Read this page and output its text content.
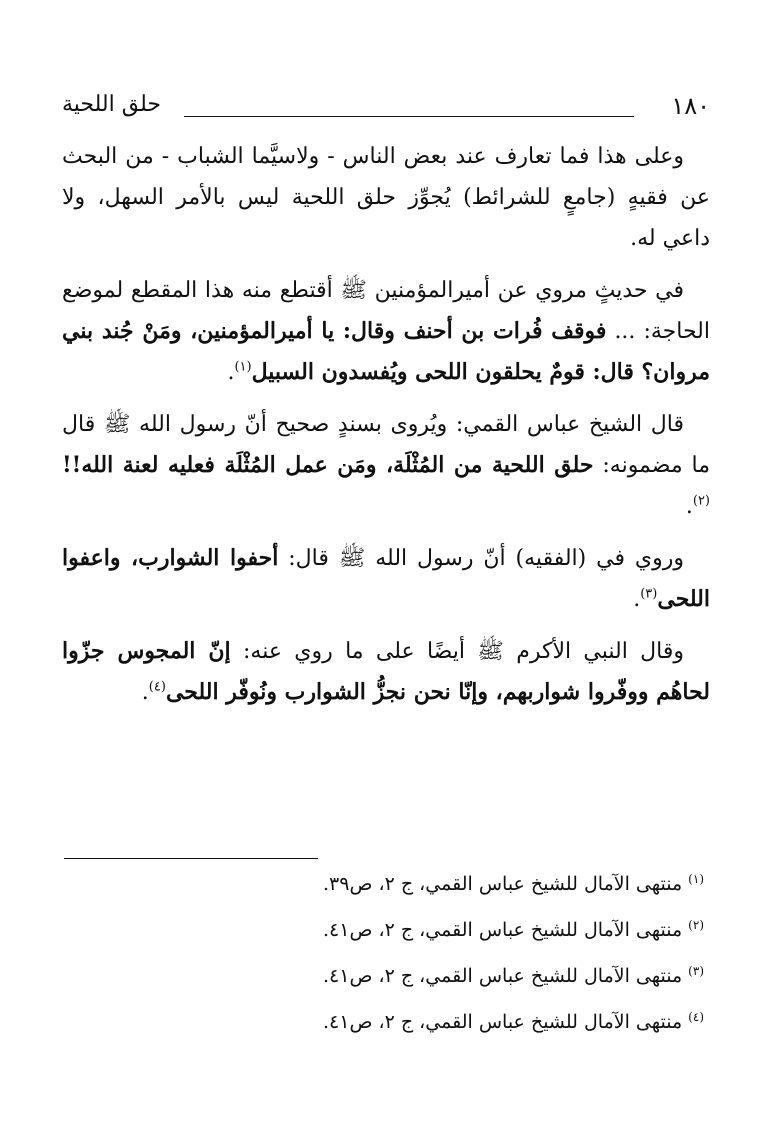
١٨٠
حلق اللحية

وعلى هذا فما تعارف عند بعض الناس - ولاسيَّما الشباب - من البحث عن فقيهٍ (جامعٍ للشرائط) يُجوِّز حلق اللحية ليس بالأمر السهل، ولا داعي له.

في حديثٍ مروي عن أميرالمؤمنين ﷺ أقتطع منه هذا المقطع لموضع الحاجة: ... فوقف فُرات بن أحنف وقال: يا أميرالمؤمنين، ومَنْ جُند بني مروان؟ قال: قومٌ يحلقون اللحى ويُفسدون السبيل$^{(١)}$.

قال الشيخ عباس القمي: ويُروى بسندٍ صحيح أنّ رسول الله ﷺ قال ما مضمونه: حلق اللحية من المُثْلَة، ومَن عمل المُثْلَة فعليه لعنة الله!!$^{(٢)}$.

وروي في (الفقيه) أنّ رسول الله ﷺ قال: أحفوا الشوارب، واعفوا اللحى$^{(٣)}$.

وقال النبي الأكرم ﷺ أيضًا على ما روي عنه: إنّ المجوس جزّوا لحاهُم ووفّروا شواربهم، وإنّا نحن نجزُّ الشوارب ونُوفّر اللحى$^{(٤)}$.

$^{(١)}$منتهى الآمال للشيخ عباس القمي، ج ٢، ص٣٩.

$^{(٢)}$منتهى الآمال للشيخ عباس القمي، ج ٢، ص٤١.

$^{(٣)}$منتهى الآمال للشيخ عباس القمي، ج ٢، ص٤١.

$^{(٤)}$منتهى الآمال للشيخ عباس القمي، ج ٢، ص٤١.
